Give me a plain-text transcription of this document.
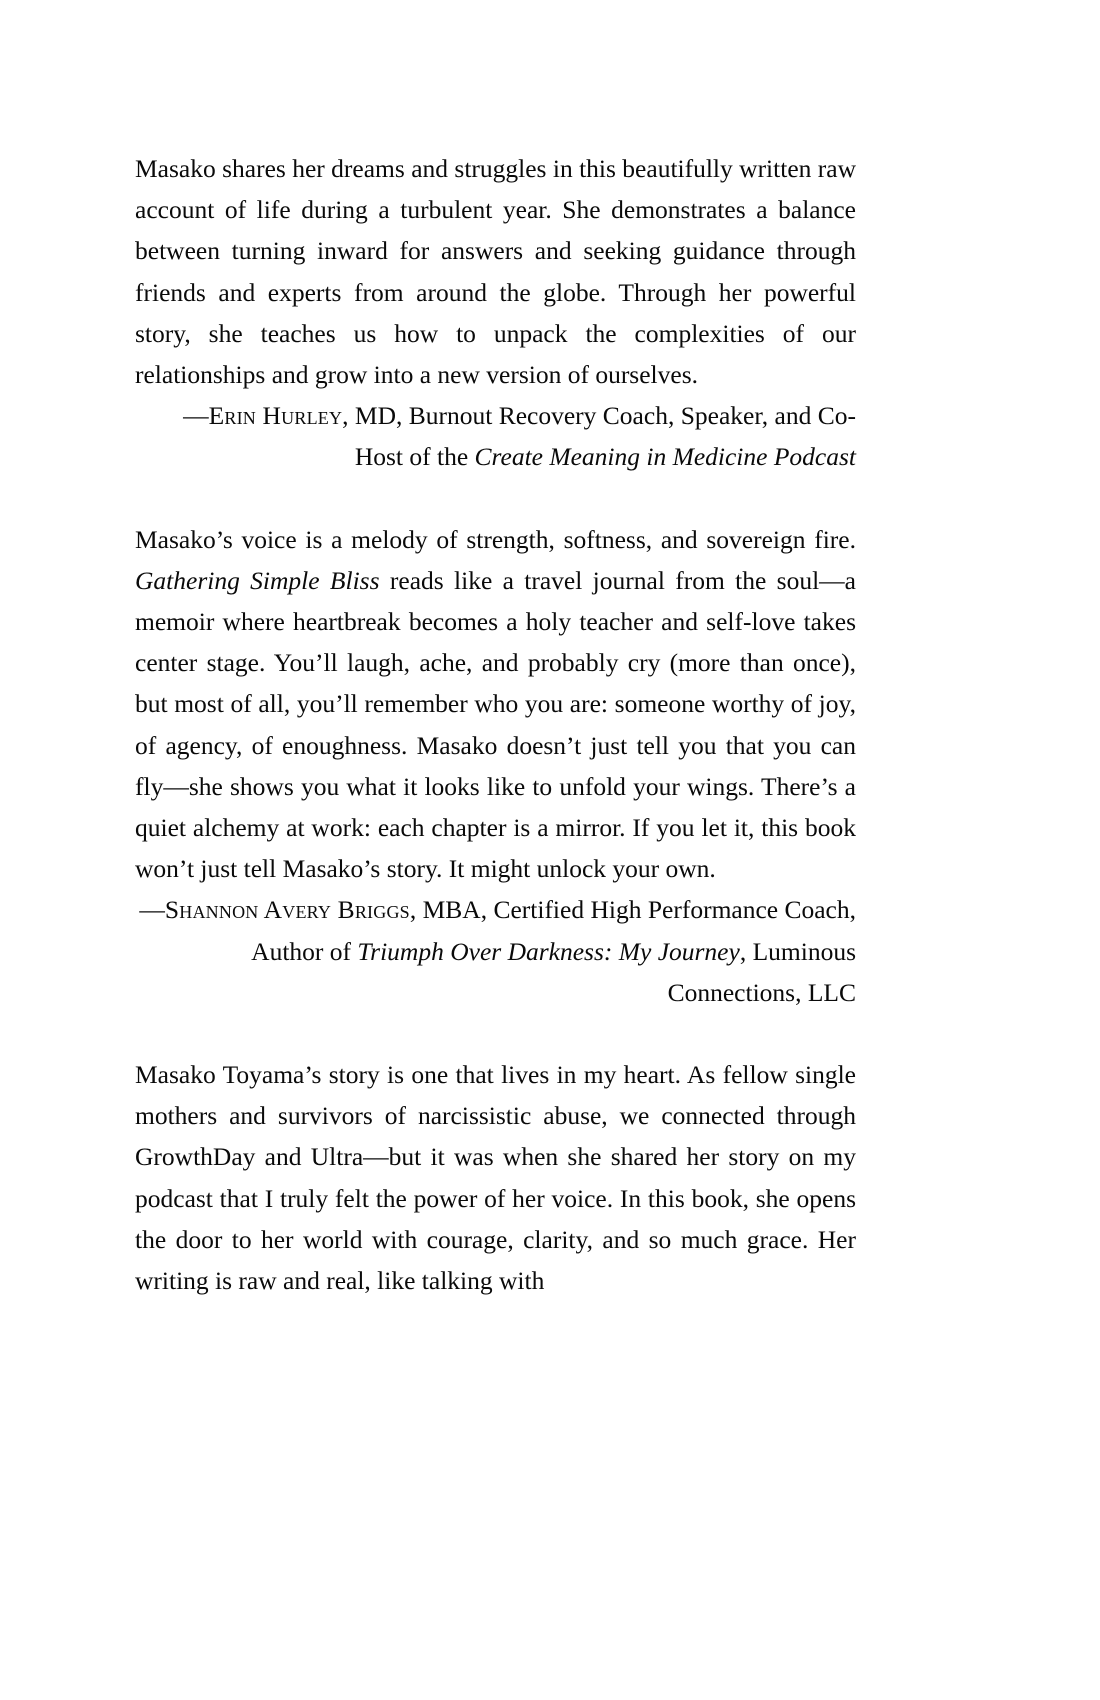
Masako shares her dreams and struggles in this beautifully written raw account of life during a turbulent year. She demonstrates a balance between turning inward for answers and seeking guidance through friends and experts from around the globe. Through her powerful story, she teaches us how to unpack the complexities of our relationships and grow into a new version of ourselves.

—Erin Hurley, MD, Burnout Recovery Coach, Speaker, and Co-Host of the Create Meaning in Medicine Podcast

Masako’s voice is a melody of strength, softness, and sovereign fire. Gathering Simple Bliss reads like a travel journal from the soul—a memoir where heartbreak becomes a holy teacher and self-love takes center stage. You’ll laugh, ache, and probably cry (more than once), but most of all, you’ll remember who you are: someone worthy of joy, of agency, of enoughness. Masako doesn’t just tell you that you can fly—she shows you what it looks like to unfold your wings. There’s a quiet alchemy at work: each chapter is a mirror. If you let it, this book won’t just tell Masako’s story. It might unlock your own.

—Shannon Avery Briggs, MBA, Certified High Performance Coach, Author of Triumph Over Darkness: My Journey, Luminous Connections, LLC

Masako Toyama’s story is one that lives in my heart. As fellow single mothers and survivors of narcissistic abuse, we connected through GrowthDay and Ultra—but it was when she shared her story on my podcast that I truly felt the power of her voice. In this book, she opens the door to her world with courage, clarity, and so much grace. Her writing is raw and real, like talking with
